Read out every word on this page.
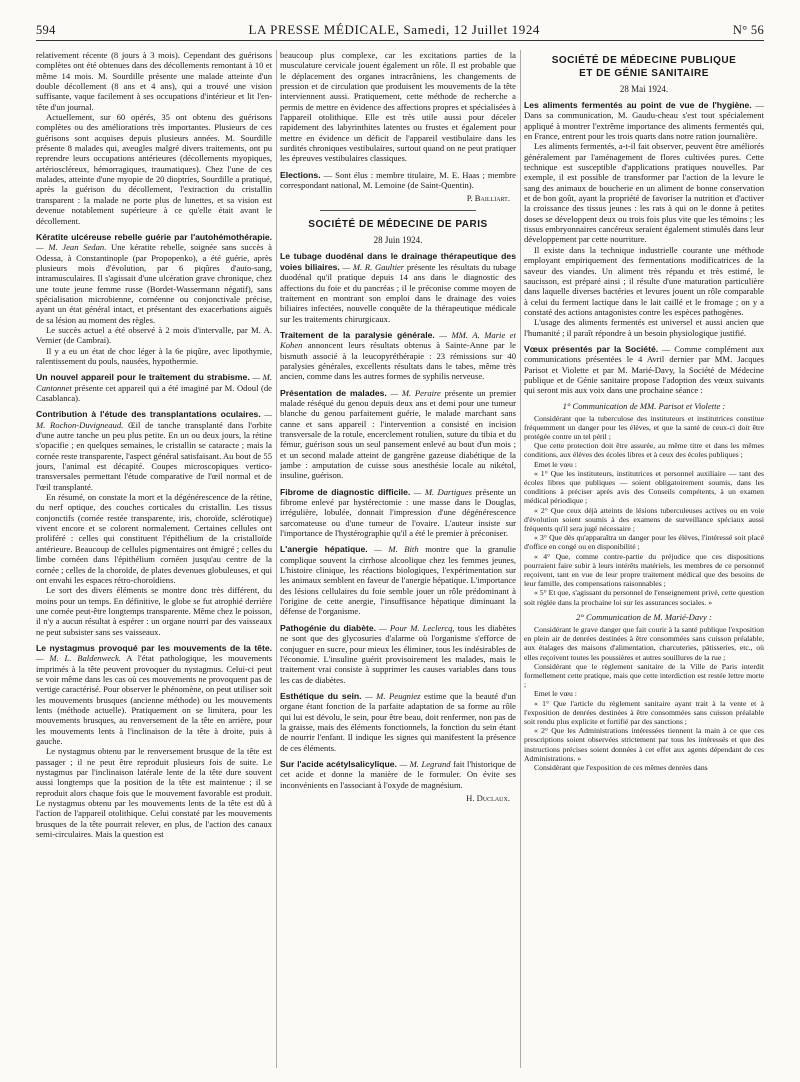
594	LA PRESSE MÉDICALE, Samedi, 12 Juillet 1924	N° 56

relativement récente (8 jours à 3 mois). Cependant des guérisons complètes ont été obtenues dans des décollements remontant à 10 et même 14 mois. M. Sourdille présente une malade atteinte d'un double décollement (8 ans et 4 ans), qui a trouvé une vision suffisante, vaque facilement à ses occupations d'intérieur et lit l'en-tête d'un journal.

Actuellement, sur 60 opérés, 35 ont obtenu des guérisons complètes ou des améliorations très importantes. Plusieurs de ces guérisons sont acquises depuis plusieurs années. M. Sourdille présente 8 malades qui, aveugles malgré divers traitements, ont pu reprendre leurs occupations antérieures (décollements myopiques, artérioscléreux, hémorragiques, traumatiques). Chez l'une de ces malades, atteinte d'une myopie de 20 dioptries, Sourdille a pratiqué, après la guérison du décollement, l'extraction du cristallin transparent : la malade ne porte plus de lunettes, et sa vision est devenue notablement supérieure à ce qu'elle était avant le décollement.

Kératite ulcéreuse rebelle guérie par l'autohémothérapie. — M. Jean Sedan. Une kératite rebelle, soignée sans succès à Odessa, à Constantinople (par Propopenko), a été guérie, après plusieurs mois d'évolution, par 6 piqûres d'auto-sang, intramusculaires. Il s'agissait d'une ulcération grave chronique, chez une toute jeune femme russe (Bordet-Wassermann négatif), sans spécialisation microbienne, cornéenne ou conjonctivale précise, ayant un état général intact, et présentant des exacerbations aiguës de sa lésion au moment des règles.

Le succès actuel a été observé à 2 mois d'intervalle, par M. A. Vernier (de Cambrai).

Il y a eu un état de choc léger à la 6e piqûre, avec lipothymie, ralentissement du pouls, nausées, hypothermie.

Un nouvel appareil pour le traitement du strabisme. — M. Cantonnet présente cet appareil qui a été imaginé par M. Odoul (de Casablanca).

Contribution à l'étude des transplantations oculaires. — M. Rochon-Duvigneaud. Œil de tanche transplanté dans l'orbite d'une autre tanche un peu plus petite. En un ou deux jours, la rétine s'opacifie ; en quelques semaines, le cristallin se cataracte ; mais la cornée reste transparente, l'aspect général satisfaisant. Au bout de 55 jours, l'animal est décapité. Coupes microscopiques vertico-transversales permettant l'étude comparative de l'œil normal et de l'œil transplanté.

En résumé, on constate la mort et la dégénérescence de la rétine, du nerf optique, des couches corticales du cristallin. Les tissus conjonctifs (cornée restée transparente, iris, choroïde, sclérotique) vivent encore et se colorent normalement. Certaines cellules ont proliféré : celles qui constituent l'épithélium de la cristalloïde antérieure. Beaucoup de cellules pigmentaires ont émigré ; celles du limbe cornéen dans l'épithélium cornéen jusqu'au centre de la cornée ; celles de la choroïde, de plates devenues globuleuses, et qui ont envahi les espaces rétro-choroïdiens.

Le sort des divers éléments se montre donc très différent, du moins pour un temps. En définitive, le globe se fut atrophié derrière une cornée peut-être longtemps transparente. Même chez le poisson, il n'y a aucun résultat à espérer : un organe nourri par des vaisseaux ne peut subsister sans ses vaisseaux.

Le nystagmus provoqué par les mouvements de la tête. — M. L. Baldenweck. A l'état pathologique, les mouvements imprimés à la tête peuvent provoquer du nystagmus. Celui-ci peut se voir même dans les cas où ces mouvements ne provoquent pas de vertige caractérisé. Pour observer le phénomène, on peut utiliser soit les mouvements brusques (ancienne méthode) ou les mouvements lents (méthode actuelle). Pratiquement on se limitera, pour les mouvements brusques, au renversement de la tête en arrière, pour les mouvements lents à l'inclinaison de la tête à droite, puis à gauche.

Le nystagmus obtenu par le renversement brusque de la tête est passager ; il ne peut être reproduit plusieurs fois de suite. Le nystagmus par l'inclinaison latérale lente de la tête dure souvent aussi longtemps que la position de la tête est maintenue ; il se reproduit alors chaque fois que le mouvement favorable est produit. Le nystagmus obtenu par les mouvements lents de la tête est dû à l'action de l'appareil otolithique. Celui constaté par les mouvements brusques de la tête pourrait relever, en plus, de l'action des canaux semi-circulaires. Mais la question est

beaucoup plus complexe, car les excitations parties de la musculature cervicale jouent également un rôle. Il est probable que le déplacement des organes intracrâniens, les changements de pression et de circulation que produisent les mouvements de la tête interviennent aussi. Pratiquement, cette méthode de recherche a permis de mettre en évidence des affections propres et spécialisées à l'appareil otolithique. Elle est très utile aussi pour déceler rapidement des labyrinthites latentes ou frustes et également pour mettre en évidence un déficit de l'appareil vestibulaire dans les surdités chroniques vestibulaires, surtout quand on ne peut pratiquer les épreuves vestibulaires classiques.

Elections. — Sont élus : membre titulaire, M. E. Haas ; membre correspondant national, M. Lemoine (de Saint-Quentin).

P. Bailliart.
SOCIÉTÉ DE MÉDECINE DE PARIS
28 Juin 1924.

Le tubage duodénal dans le drainage thérapeutique des voies biliaires. — M. R. Gaultier présente les résultats du tubage duodénal qu'il pratique depuis 14 ans dans le diagnostic des affections du foie et du pancréas ; il le préconise comme moyen de traitement en montrant son emploi dans le drainage des voies biliaires infectées, nouvelle conquête de la thérapeutique médicale sur les traitements chirurgicaux.

Traitement de la paralysie générale. — MM. A. Marie et Kohen annoncent leurs résultats obtenus à Sainte-Anne par le bismuth associé à la leucopyréthérapie : 23 rémissions sur 40 paralysies générales, excellents résultats dans le tabes, même très ancien, comme dans les autres formes de syphilis nerveuse.

Présentation de malades. — M. Peraire présente un premier malade réséqué du genou depuis deux ans et demi pour une tumeur blanche du genou parfaitement guérie, le malade marchant sans canne et sans appareil : l'intervention a consisté en incision transversale de la rotule, encerclement rotulien, suture du tibia et du fémur, guérison sous un seul pansement enlevé au bout d'un mois ; et un second malade atteint de gangrène gazeuse diabétique de la jambe : amputation de cuisse sous anesthésie locale au nikétol, insuline, guérison.

Fibrome de diagnostic difficile. — M. Dartigues présente un fibrome enlevé par hystérectomie : une masse dans le Douglas, irrégulière, lobulée, donnait l'impression d'une dégénérescence sarcomateuse ou d'une tumeur de l'ovaire. L'auteur insiste sur l'importance de l'hystérographie qu'il a été le premier à préconiser.

L'anergie hépatique. — M. Bith montre que la granulie complique souvent la cirrhose alcoolique chez les femmes jeunes, L'histoire clinique, les réactions biologiques, l'expérimentation sur les animaux semblent en faveur de l'anergie hépatique. L'importance des lésions cellulaires du foie semble jouer un rôle prédominant à l'origine de cette anergie, l'insuffisance hépatique diminuant la défense de l'organisme.

Pathogénie du diabète. — Pour M. Leclercq, tous les diabètes ne sont que des glycosuries d'alarme où l'organisme s'efforce de conjuguer en sucre, pour mieux les éliminer, tous les indésirables de l'économie. L'insuline guérit provisoirement les malades, mais le traitement vrai consiste à supprimer les causes variables dans tous les cas de diabètes.

Esthétique du sein. — M. Peugniez estime que la beauté d'un organe étant fonction de la parfaite adaptation de sa forme au rôle qui lui est dévolu, le sein, pour être beau, doit renfermer, non pas de la graisse, mais des éléments fonctionnels, la fonction du sein étant de nourrir l'enfant. Il indique les signes qui manifestent la présence de ces éléments.

Sur l'acide acétylsalicylique. — M. Legrand fait l'historique de cet acide et donne la manière de le formuler. On évite ses inconvénients en l'associant à l'oxyde de magnésium.

H. Duclaux.
SOCIÉTÉ DE MÉDECINE PUBLIQUE
ET DE GÉNIE SANITAIRE
28 Mai 1924.

Les aliments fermentés au point de vue de l'hygiène. — Dans sa communication, M. Gaudu-cheau s'est tout spécialement appliqué à montrer l'extrême importance des aliments fermentés qui, en France, entrent pour les trois quarts dans notre ration journalière.

Les aliments fermentés, a-t-il fait observer, peuvent être améliorés généralement par l'aménagement de flores cultivées pures. Cette technique est susceptible d'applications pratiques nouvelles. Par exemple, il est possible de transformer par l'action de la levure le sang des animaux de boucherie en un aliment de bonne conservation et de bon goût, ayant la propriété de favoriser la nutrition et d'activer la croissance des tissus jeunes : les rats à qui on le donne à petites doses se développent deux ou trois fois plus vite que les témoins ; les tissus embryonnaires cancéreux seraient également stimulés dans leur développement par cette nourriture.

Il existe dans la technique industrielle courante une méthode employant empiriquement des fermentations modificatrices de la saveur des viandes. Un aliment très répandu et très estimé, le saucisson, est préparé ainsi ; il résulte d'une maturation particulière dans laquelle diverses bactéries et levures jouent un rôle comparable à celui du ferment lactique dans le lait caillé et le fromage ; on y a constaté des actions antagonistes contre les espèces pathogènes.

L'usage des aliments fermentés est universel et aussi ancien que l'humanité ; il paraît répondre à un besoin physiologique justifié.

Vœux présentés par la Société. — Comme complément aux communications présentées le 4 Avril dernier par MM. Jacques Parisot et Violette et par M. Marié-Davy, la Société de Médecine publique et de Génie sanitaire propose l'adoption des vœux suivants qui seront mis aux voix dans une prochaine séance :

1° Communication de MM. Parisot et Violette :

Considérant que la tuberculose des instituteurs et institutrices constitue fréquemment un danger pour les élèves, et que la santé de ceux-ci doit être protégée contre un tel péril ;

Que cette protection doit être assurée, au même titre et dans les mêmes conditions, aux élèves des écoles libres et à ceux des écoles publiques ;

Emet le vœu :

« 1° Que les instituteurs, institutrices et personnel auxiliaire — tant des écoles libres que publiques — soient obligatoirement soumis, dans les conditions à préciser après avis des Conseils compétents, à un examen médical périodique ;

« 2° Que ceux déjà atteints de lésions tuberculeuses actives ou en voie d'évolution soient soumis à des examens de surveillance spéciaux aussi fréquents qu'il sera jugé nécessaire ;

« 3° Que dès qu'apparaîtra un danger pour les élèves, l'intéressé soit placé d'office en congé ou en disponibilité ;

« 4° Que, comme contre-partie du préjudice que ces dispositions pourraient faire subir à leurs intérêts matériels, les membres de ce personnel reçoivent, tant en vue de leur propre traitement médical que des besoins de leur famille, des compensations raisonnables ;

« 5° Et que, s'agissant du personnel de l'enseignement privé, cette question soit réglée dans la prochaine loi sur les assurances sociales. »

2° Communication de M. Marié-Davy :

Considérant le grave danger que fait courir à la santé publique l'exposition en plein air de denrées destinées à être consommées sans cuisson préalable, aux étalages des maisons d'alimentation, charcuteries, pâtisseries, etc., où elles reçoivent toutes les poussières et autres souillures de la rue ;

Considérant que le règlement sanitaire de la Ville de Paris interdit formellement cette pratique, mais que cette interdiction est restée lettre morte ;

Emet le vœu :

« 1° Que l'article du règlement sanitaire ayant trait à la vente et à l'exposition de denrées destinées à être consommées sans cuisson préalable soit rendu plus explicite et fortifié par des sanctions ;

« 2° Que les Administrations intéressées tiennent la main à ce que ces prescriptions soient observées strictement par tous les intéressés et que des instructions précises soient données à cet effet aux agents dépendant de ces Administrations. »

Considérant que l'exposition de ces mêmes denrées dans
